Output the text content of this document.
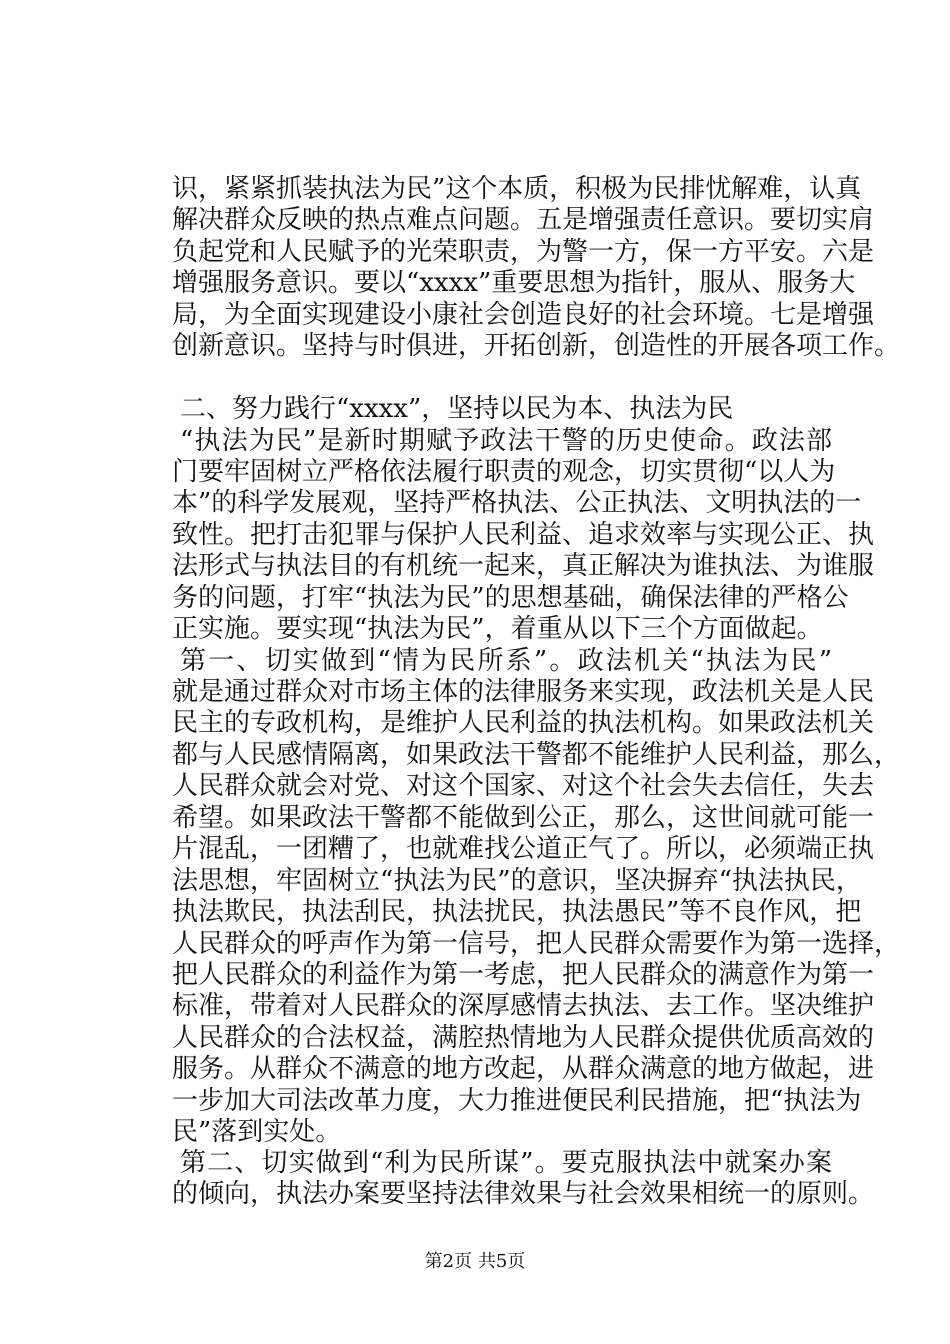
识，紧紧抓装执法为民”这个本质，积极为民排忧解难，认真
解决群众反映的热点难点问题。五是增强责任意识。要切实肩
负起党和人民赋予的光荣职责，为警一方，保一方平安。六是
增强服务意识。要以“xxxx”重要思想为指针，服从、服务大
局，为全面实现建设小康社会创造良好的社会环境。七是增强
创新意识。坚持与时俱进，开拓创新，创造性的开展各项工作。
二、努力践行“xxxx”，坚持以民为本、执法为民
“执法为民”是新时期赋予政法干警的历史使命。政法部
门要牢固树立严格依法履行职责的观念，切实贯彻“以人为
本”的科学发展观，坚持严格执法、公正执法、文明执法的一
致性。把打击犯罪与保护人民利益、追求效率与实现公正、执
法形式与执法目的有机统一起来，真正解决为谁执法、为谁服
务的问题，打牢“执法为民”的思想基础，确保法律的严格公
正实施。要实现“执法为民”，着重从以下三个方面做起。
第一、切实做到“情为民所系”。政法机关“执法为民”
就是通过群众对市场主体的法律服务来实现，政法机关是人民
民主的专政机构，是维护人民利益的执法机构。如果政法机关
都与人民感情隔离，如果政法干警都不能维护人民利益，那么，
人民群众就会对党、对这个国家、对这个社会失去信任，失去
希望。如果政法干警都不能做到公正，那么，这世间就可能一
片混乱，一团糟了，也就难找公道正气了。所以，必须端正执
法思想，牢固树立“执法为民”的意识，坚决摒弃“执法执民，
执法欺民，执法刮民，执法扰民，执法愚民”等不良作风，把
人民群众的呼声作为第一信号，把人民群众需要作为第一选择，
把人民群众的利益作为第一考虑，把人民群众的满意作为第一
标准，带着对人民群众的深厚感情去执法、去工作。坚决维护
人民群众的合法权益，满腔热情地为人民群众提供优质高效的
服务。从群众不满意的地方改起，从群众满意的地方做起，进
一步加大司法改革力度，大力推进便民利民措施，把“执法为
民”落到实处。
第2页 共5页
第二、切实做到“利为民所谋”。要克服执法中就案办案
的倾向，执法办案要坚持法律效果与社会效果相统一的原则。
